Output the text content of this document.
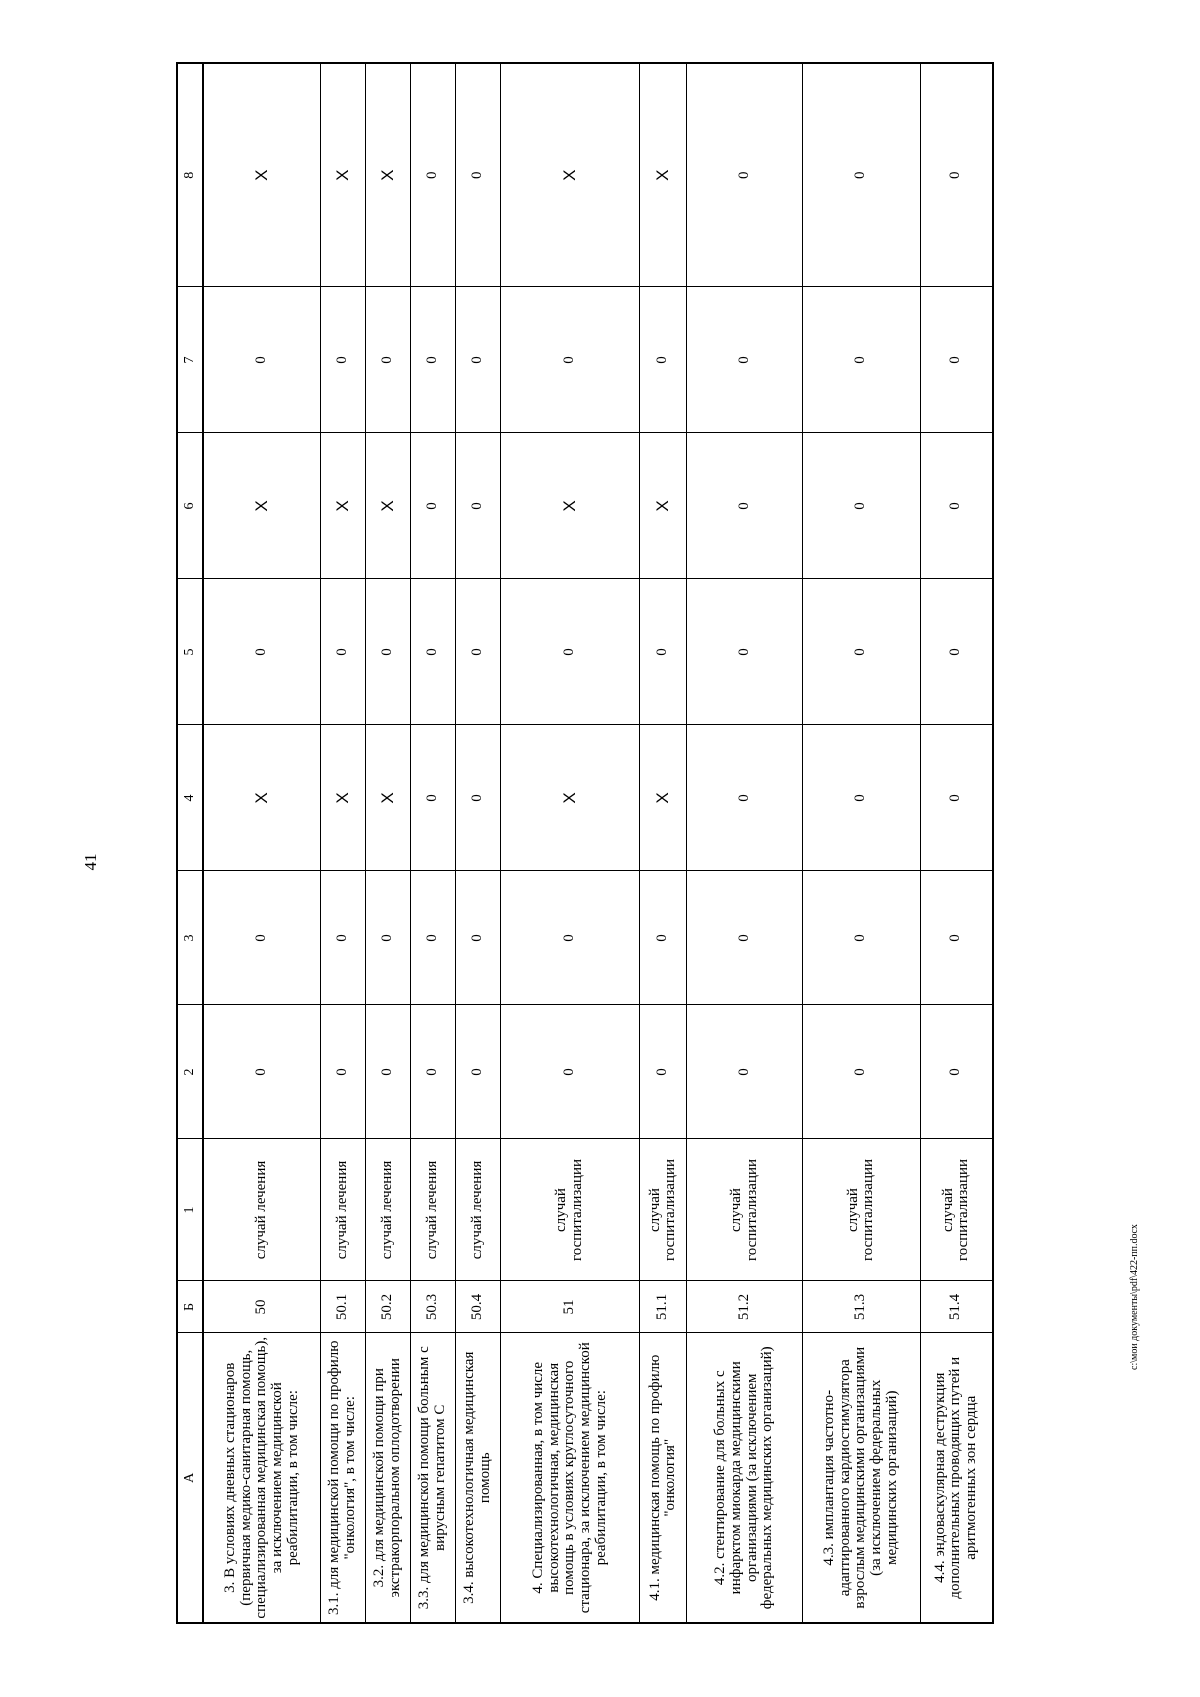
41
А	Б	1	2	3	4	5	6	7	8
3. В условиях дневных стационаров (первичная медико-санитарная помощь, специализированная медицинская помощь), за исключением медицинской реабилитации, в том числе:	50	случай лечения	0	0	X	0	X	0	X
3.1. для медицинской помощи по профилю "онкология", в том числе:	50.1	случай лечения	0	0	X	0	X	0	X
3.2. для медицинской помощи при экстракорпоральном оплодотворении	50.2	случай лечения	0	0	X	0	X	0	X
3.3. для медицинской помощи больным с вирусным гепатитом С	50.3	случай лечения	0	0	0	0	0	0	0
3.4. высокотехнологичная медицинская помощь	50.4	случай лечения	0	0	0	0	0	0	0
4. Специализированная, в том числе высокотехнологичная, медицинская помощь в условиях круглосуточного стационара, за исключением медицинской реабилитации, в том числе:	51	случай госпитализации	0	0	X	0	X	0	X
4.1. медицинская помощь по профилю "онкология"	51.1	случай госпитализации	0	0	X	0	X	0	X
4.2. стентирование для больных с инфарктом миокарда медицинскими организациями (за исключением федеральных медицинских организаций)	51.2	случай госпитализации	0	0	0	0	0	0	0
4.3. имплантация частотно-адаптированного кардиостимулятора взрослым медицинскими организациями (за исключением федеральных медицинских организаций)	51.3	случай госпитализации	0	0	0	0	0	0	0
4.4. эндоваскулярная деструкция дополнительных проводящих путей и аритмогенных зон сердца	51.4	случай госпитализации	0	0	0	0	0	0	0
c:\мои документы\pdf\422-пп.docx
